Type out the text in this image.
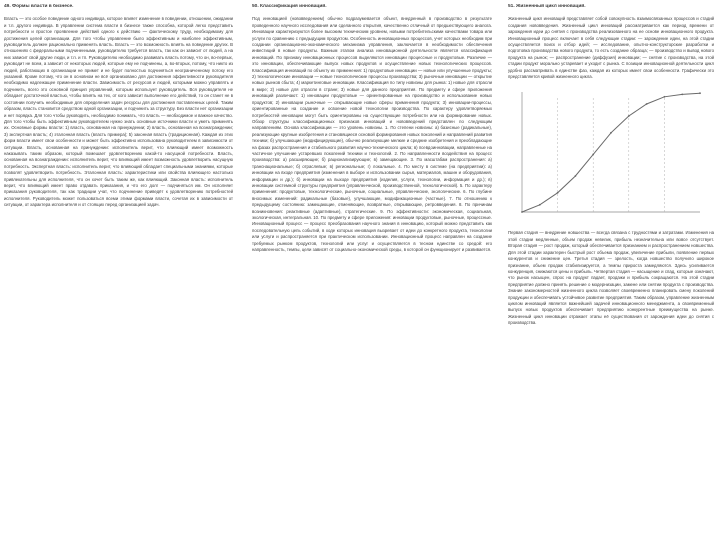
49. Формы власти в бизнесе.

Власть — это особое поведение одного индивида, которое влияет изменение в поведении, отношении, ожидании и т.п. другого индивида. В управлении система власти в бизнесе также способна, которой легко представить потребности и простое проявление действий одного к действию — фактическому труду, необходимому для достижения целей организации. Для того чтобы управление было эффективным и наиболее эффективным, руководитель должен рационально применять власть. Власть — это возможность влиять на поведение других. В отношениях с федеральными подчиненными, руководителю требуется власть, так как он зависит от людей, а на них зависит свой другие люди, и т.п. и тп. Руководителю необходимо развивать власть потому, что он, во-первых, руководит не всем, а зависит от некоторых людей, которые ему не подчинены, а, во-вторых, потому, что никто из людей, работающих в организации не примет и не будет полностью подчиняться неограниченному потоку его указаний. Кроме потому, что он в основном не всё организовано для достижения эффективности руководителя необходимо надлежащее применение власти. Зависимость от ресурсов и людей, которыми можно управлять и подчинить, всего это основной принцип управлений, которым использует руководитель. Вся руководителя не обладает достаточной властью, чтобы влиять на тех, от кого зависит выполнение его действий, то он станет не в состоянии получить необходимые для определения задач ресурсы для достижения поставленных целей. Таким образом, власть становится средством одной организации, и подчинить за структуру. Без власти нет организации и нет порядка. Для того чтобы руководить, необходимо понимать, что власть — необходимое и важное качество. Для того чтобы быть эффективным руководителем нужно знать основные источники власти и уметь применять их. Основные формы власти: 1) власть, основанная на принуждении; 2) власть, основанная на вознаграждении; 3) экспертная власть; 4) эталонная власть (власть примера); 5) законная власть (традиционная). Каждая из этих форм власти имеет свои особенности и может быть эффективно использована руководителем в зависимости от ситуации. Власть, основанная на принуждении: исполнитель верит, что влияющий имеет возможность наказывать таким образом, который помешает удовлетворению какой-то насущной потребности. Власть, основанная на вознаграждении: исполнитель верит, что влияющий имеет возможность удовлетворить насущную потребность. Экспертная власть: исполнитель верит, что влияющий обладает специальными знаниями, которые позволят удовлетворить потребность. Эталонная власть: характеристики или свойства влияющего настолько привлекательны для исполнителя, что он хочет быть таким же, как влияющий. Законная власть: исполнитель верит, что влияющий имеет право отдавать приказания, и что его долг — подчиняться им. Он исполняет приказания руководителя, так как традиции учат, что подчинение приведёт к удовлетворению потребностей исполнителя. Руководитель может пользоваться всеми этими формами власти, сочетая их в зависимости от ситуации, от характера исполнителя и от стоящих перед организацией задач.

50. Классификация инноваций.

Под инновацией (нововведением) обычно подразумевается объект, внедренный в производство в результате проведенного научного исследования или сделанного открытия, качественно отличный от предшествующего аналога. Инновации характеризуются более высоким техническим уровнем, новыми потребительскими качествами товара или услуги по сравнению с предыдущим продуктом. Особенность инновационных процессов, учет которых необходим при создании организационно-экономического механизма управления, заключается в необходимости обеспечения инвестиций в новые продукты. Важным этапом анализа инновационной деятельности является классификация инноваций. По признаку инновационных процессов выделяются инновации процессные и продуктовые. Различие — это инновации, обеспечивающие выпуск новых продуктов и осуществление новых технологических процессов. Классификация инноваций по объекту их применения: 1) продуктовые инновации — новые или улучшенные продукты; 2) технологические инновации — новые технологические процессы производства; 3) рыночные инновации — открытие новых рынков сбыта; 4) маркетинговые инновации. Классификация по типу новизны для рынка: 1) новые для отрасли в мире; 2) новые для отрасли в стране; 3) новые для данного предприятия. По предмету и сфере приложения инноваций различают: 1) инновации продуктовые — ориентированные на производство и использование новых продуктов; 2) инновации рыночные — открывающие новые сферы применения продукта; 3) инновации-процессы, ориентированные на создание и освоение новой технологии производства. По характеру удовлетворяемых потребностей инновации могут быть ориентированы на существующие потребности или на формирование новых. Обзор структуры классификационных признаков инноваций и нововведений представлен по следующим направлениям. Основа классификации — это уровень новизны. 1. По степени новизны: а) базисные (радикальные), реализующие крупные изобретения и становящиеся основой формирования новых поколений и направлений развития техники; б) улучшающие (модифицирующие), обычно реализующие мелкие и средние изобретения и преобладающие на фазах распространения и стабильного развития научно-технического цикла; в) псевдоинновации, направленные на частичное улучшение устаревших поколений техники и технологий. 2. По направленности воздействия на процесс производства: а) расширяющие; б) рационализирующие; в) замещающие. 3. По масштабам распространения: а) транснациональные; б) отраслевые; в) региональные; г) локальные. 4. По месту в системе (на предприятии): а) инновации на входе предприятия (изменения в выборе и использовании сырья, материалов, машин и оборудования, информации и др.); б) инновации на выходе предприятия (изделия, услуги, технологии, информация и др.); в) инновации системной структуры предприятия (управленческой, производственной, технологической). 5. По характеру применения: продуктовые, технологические, рыночные, социальные, управленческие, экологические. 6. По глубине вносимых изменений: радикальные (базовые), улучшающие, модификационные (частные). 7. По отношению к предыдущему состоянию: замещающие, отменяющие, возвратные, открывающие, ретровведения. 8. По причинам возникновения: реактивные (адаптивные), стратегические. 9. По эффективности: экономическая, социальная, экологическая, интегральная. 10. По предмету и сфере приложения: инновации продуктовые, рыночные, процессные. Инновационный процесс — процесс преобразования научного знания в инновацию, который можно представить как последовательную цепь событий, в ходе которых инновация вызревает от идеи до конкретного продукта, технологии или услуги и распространяется при практическом использовании. Инновационный процесс направлен на создание требуемых рынком продуктов, технологий или услуг и осуществляется в тесном единстве со средой: его направленность, темпы, цели зависят от социально-экономической среды, в которой он функционирует и развивается.

51. Жизненный цикл инноваций.

Жизненный цикл инноваций представляет собой совокупность взаимосвязанных процессов и стадий создания нововведения. Жизненный цикл инноваций рассматривается как период времени от зарождения идеи до снятия с производства реализованного на ее основе инновационного продукта. Инновационный процесс включает в себя следующие стадии: — зарождение идеи, на этой стадии осуществляется поиск и отбор идей; — исследование, опытно-конструкторские разработки и подготовка производства нового продукта, то есть создание образца; — производство и вывод нового продукта на рынок; — распространение (диффузия) инновации; — снятие с производства, на этой стадии продукт морально устаревает и уходит с рынка. С позиции инновационной деятельности цикл удобно рассматривать в единстве фаз, каждая из которых имеет свои особенности. Графически это представляется кривой жизненного цикла.

Первая стадия — внедрение новшества — всегда связана с трудностями и затратами. Изменения на этой стадии медленные, объем продаж невелик, прибыль незначительна или вовсе отсутствует. Вторая стадия — рост продаж, который обеспечивается признанием и распространением новшества. Для этой стадии характерен быстрый рост объема продаж, увеличение прибыли, появление первых конкурентов и снижение цен. Третья стадия — зрелость, когда новшество получило широкое признание, объем продаж стабилизируется, а темпы прироста замедляются. Здесь усиливается конкуренция, снижаются цены и прибыль. Четвертая стадия — насыщение и спад, которые означают, что рынок насыщен, спрос на продукт падает, продажи и прибыль сокращаются. На этой стадии предприятие должно принять решение о модернизации, замене или снятии продукта с производства. Знание закономерностей жизненного цикла позволяет своевременно планировать смену поколений продукции и обеспечивать устойчивое развитие предприятия. Таким образом, управление жизненным циклом инноваций является важнейшей задачей инновационного менеджмента, а своевременный выпуск новых продуктов обеспечивает предприятию конкурентные преимущества на рынке. Жизненный цикл инновации отражает этапы её существования от зарождения идеи до снятия с производства.
